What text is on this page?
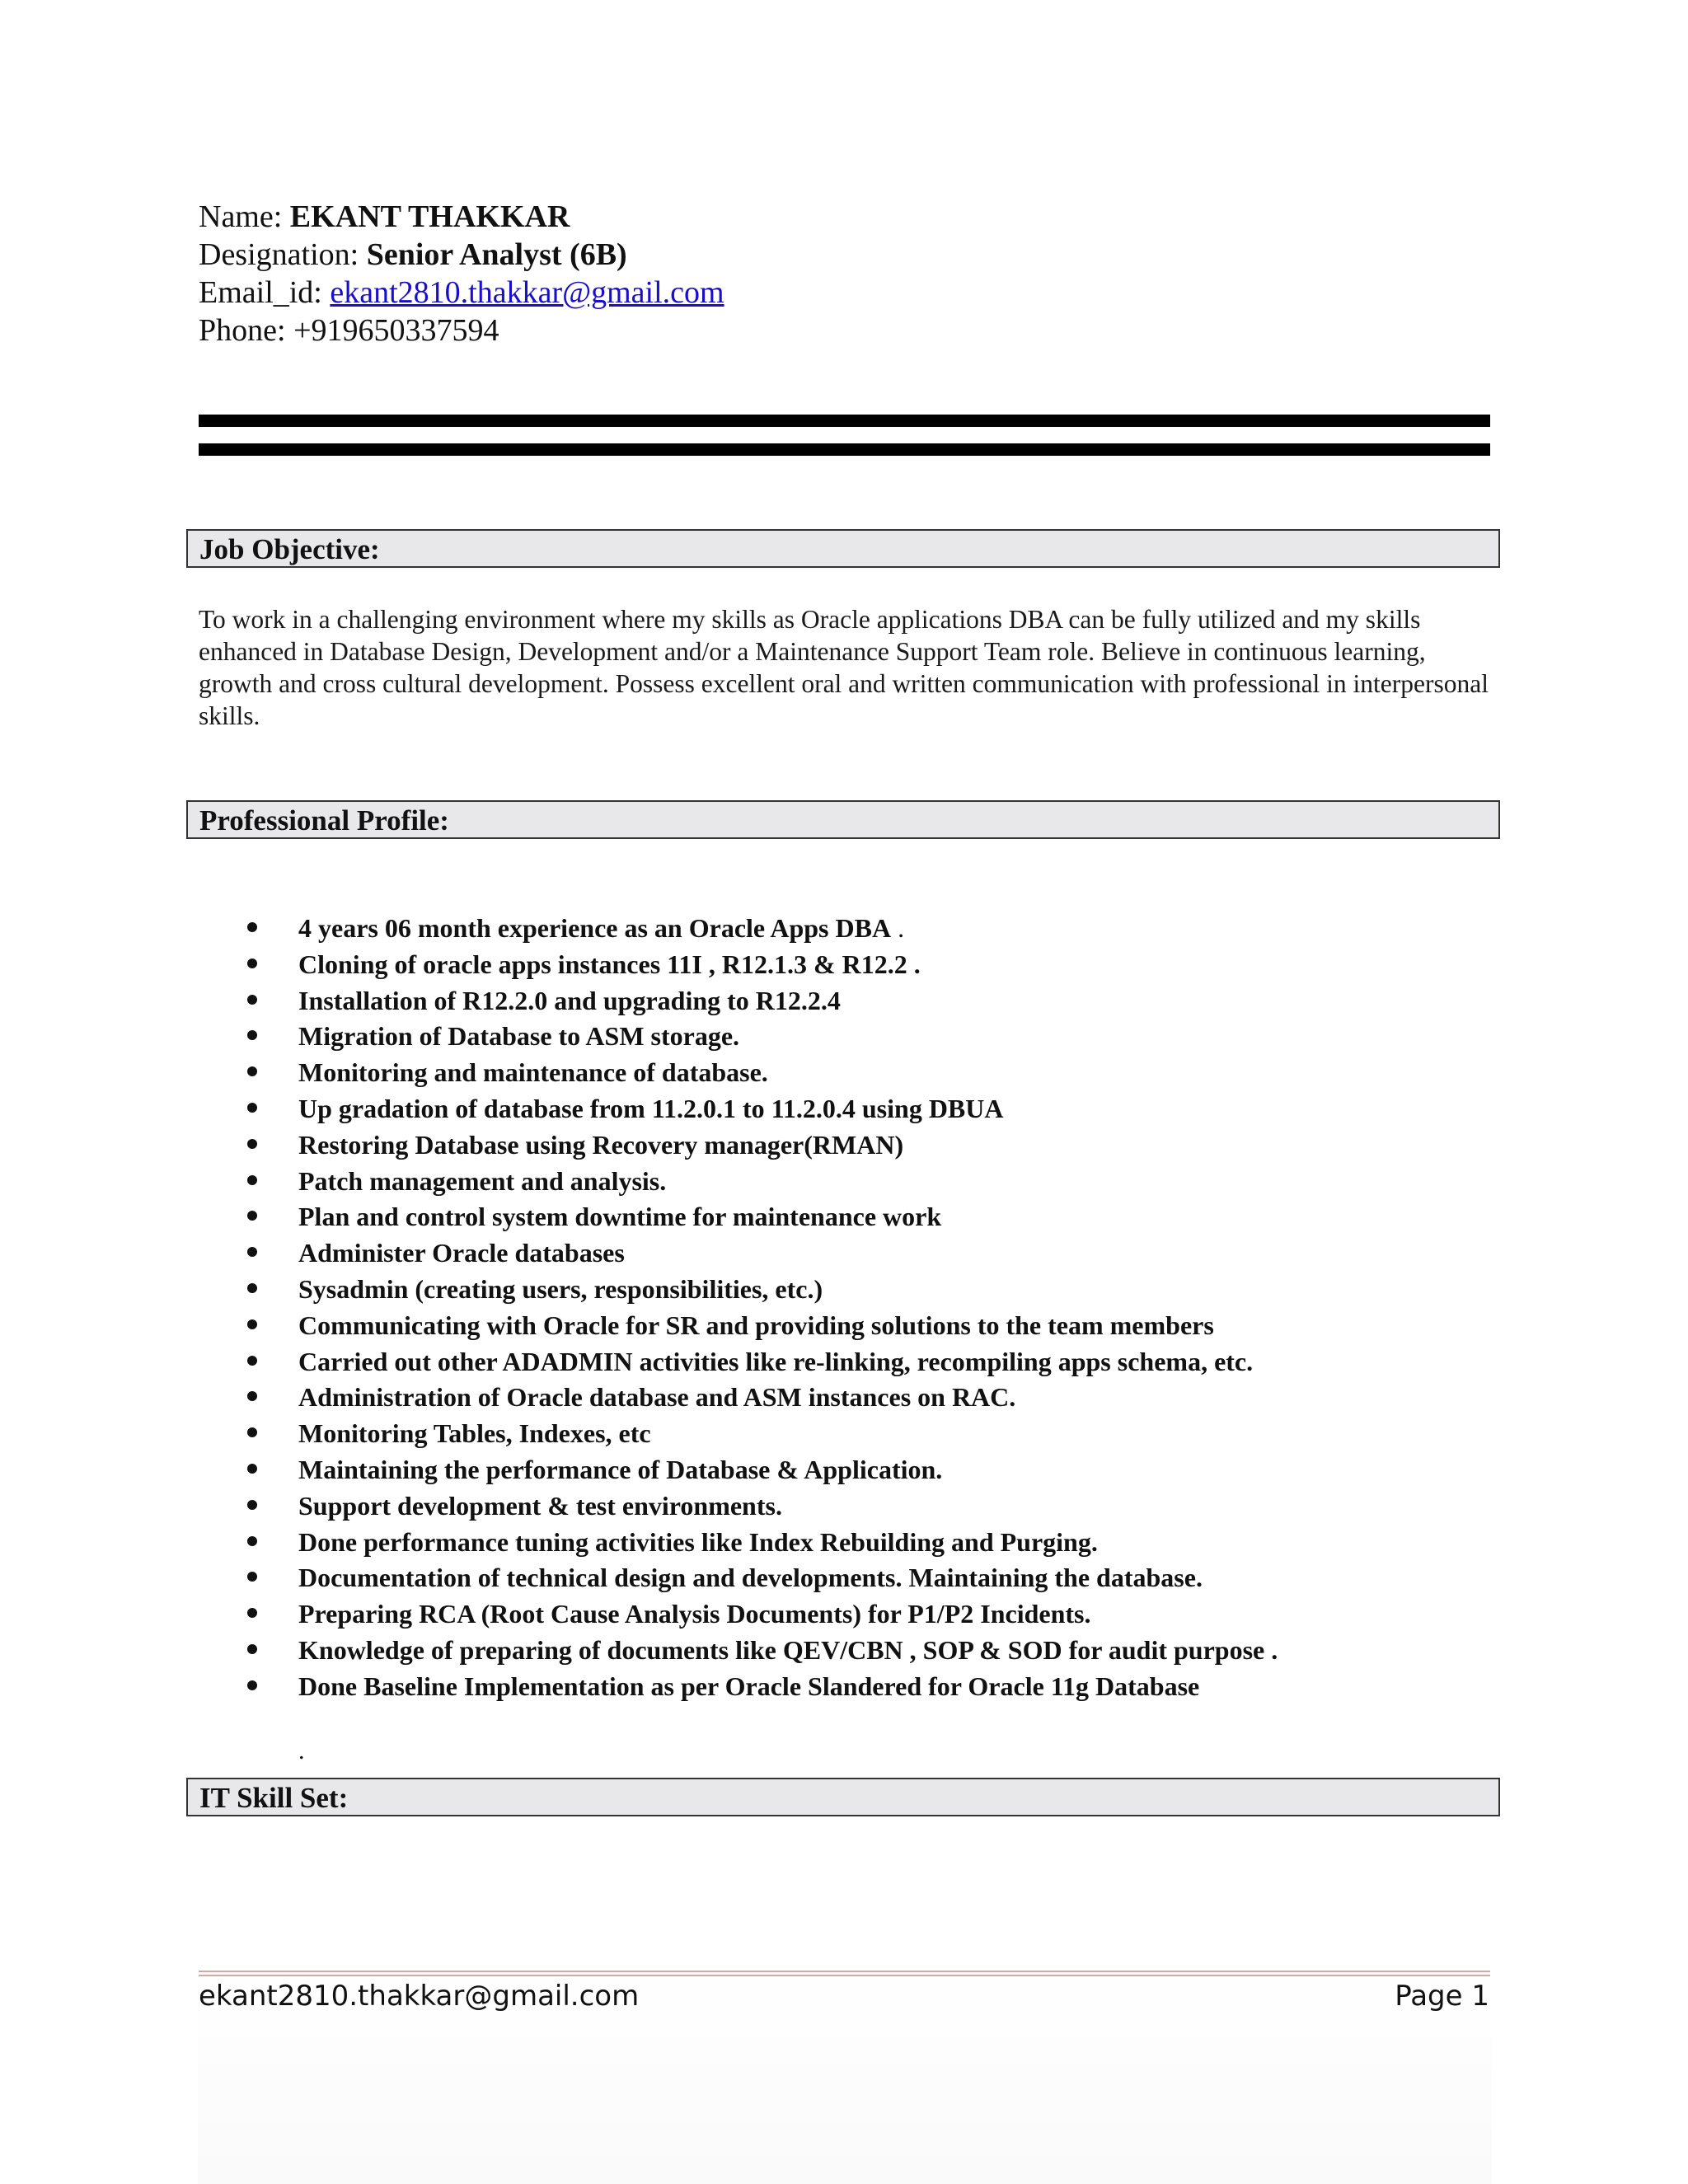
Name: EKANT THAKKAR
Designation: Senior Analyst (6B)
Email_id: ekant2810.thakkar@gmail.com
Phone: +919650337594
Job Objective:
To work in a challenging environment where my skills as Oracle applications DBA can be fully utilized and my skills enhanced in Database Design, Development and/or a Maintenance Support Team role. Believe in continuous learning, growth and cross cultural development. Possess excellent oral and written communication with professional in interpersonal skills.
Professional Profile:
4 years 06 month experience as an Oracle Apps DBA .
Cloning of oracle apps instances 11I , R12.1.3 & R12.2 .
Installation of R12.2.0 and upgrading to R12.2.4
Migration of Database to ASM storage.
Monitoring and maintenance of database.
Up gradation of database from 11.2.0.1 to 11.2.0.4 using DBUA
Restoring Database using Recovery manager(RMAN)
Patch management and analysis.
Plan and control system downtime for maintenance work
Administer Oracle databases
Sysadmin (creating users, responsibilities, etc.)
Communicating with Oracle for SR and providing solutions to the team members
Carried out other ADADMIN activities like re-linking, recompiling apps schema, etc.
Administration of Oracle database and ASM instances on RAC.
Monitoring Tables, Indexes, etc
Maintaining the performance of Database & Application.
Support development & test environments.
Done performance tuning activities like Index Rebuilding and Purging.
Documentation of technical design and developments. Maintaining the database.
Preparing RCA (Root Cause Analysis Documents) for P1/P2 Incidents.
Knowledge of preparing of documents like QEV/CBN , SOP & SOD for audit purpose .
Done Baseline Implementation as per Oracle Slandered for Oracle 11g Database
.
IT Skill Set:
ekant2810.thakkar@gmail.com	Page 1
